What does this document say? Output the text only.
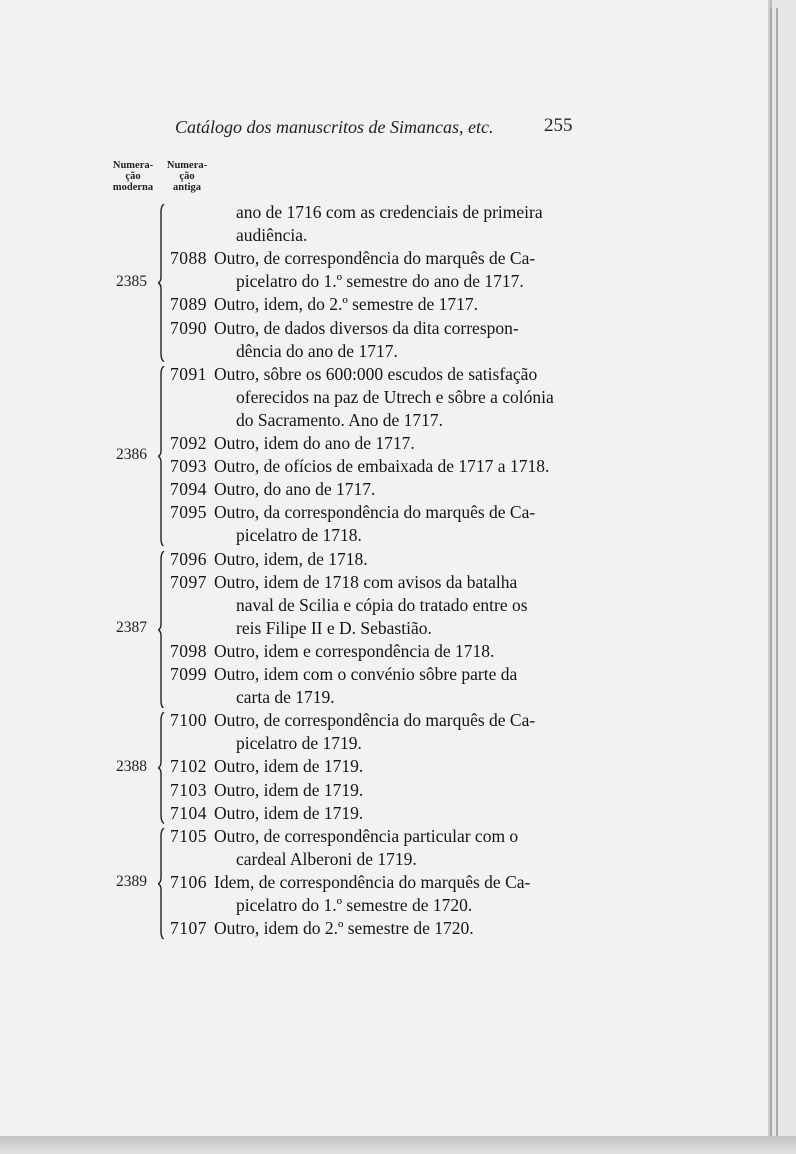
Catálogo dos manuscritos de Simancas, etc.	255
Numera-
ção
moderna
Numera-
ção
antiga
ano de 1716 com as credenciais de primeira
audiência.
7088 Outro, de correspondência do marquês de Ca-
picelatro do 1.º semestre do ano de 1717.
7089 Outro, idem, do 2.º semestre de 1717.
7090 Outro, de dados diversos da dita correspon-
dência do ano de 1717.
7091 Outro, sôbre os 600:000 escudos de satisfação
oferecidos na paz de Utrech e sôbre a colónia
do Sacramento. Ano de 1717.
7092 Outro, idem do ano de 1717.
7093 Outro, de ofícios de embaixada de 1717 a 1718.
7094 Outro, do ano de 1717.
7095 Outro, da correspondência do marquês de Ca-
picelatro de 1718.
7096 Outro, idem, de 1718.
7097 Outro, idem de 1718 com avisos da batalha
naval de Scilia e cópia do tratado entre os
reis Filipe II e D. Sebastião.
7098 Outro, idem e correspondência de 1718.
7099 Outro, idem com o convénio sôbre parte da
carta de 1719.
7100 Outro, de correspondência do marquês de Ca-
picelatro de 1719.
7102 Outro, idem de 1719.
7103 Outro, idem de 1719.
7104 Outro, idem de 1719.
7105 Outro, de correspondência particular com o
cardeal Alberoni de 1719.
7106 Idem, de correspondência do marquês de Ca-
picelatro do 1.º semestre de 1720.
7107 Outro, idem do 2.º semestre de 1720.
2385
2386
2387
2388
2389
